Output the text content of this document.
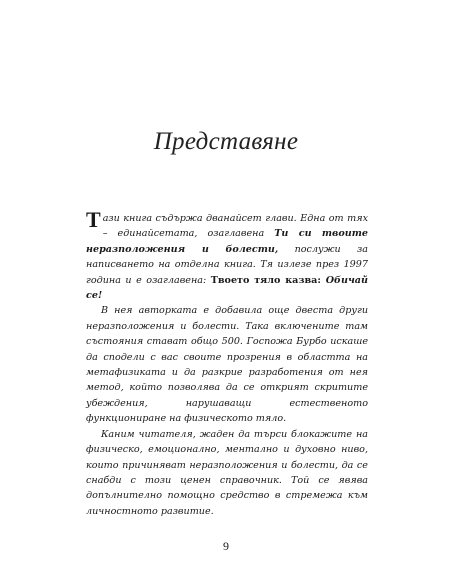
Представяне

Тази книга съдържа дванайсет глави. Една от тях – единайсетата, озаглавена Ти си твоите неразположения и болести, послужи за написването на отделна книга. Тя излезе през 1997 година и е озаглавена: Твоето тяло казва: Обичай се!

В нея авторката е добавила още двеста други неразположения и болести. Така включените там състояния стават общо 500. Госпожа Бурбо искаше да сподели с вас своите прозрения в областта на метафизиката и да разкрие разработения от нея метод, който позволява да се открият скритите убеждения, нарушаващи естественото функциониране на физическото тяло.

Каним читателя, жаден да търси блокажите на физическо, емоционално, ментално и духовно ниво, които причиняват неразположения и болести, да се снабди с този ценен справочник. Той се явява допълнително помощно средство в стремежа към личностното развитие.

9
